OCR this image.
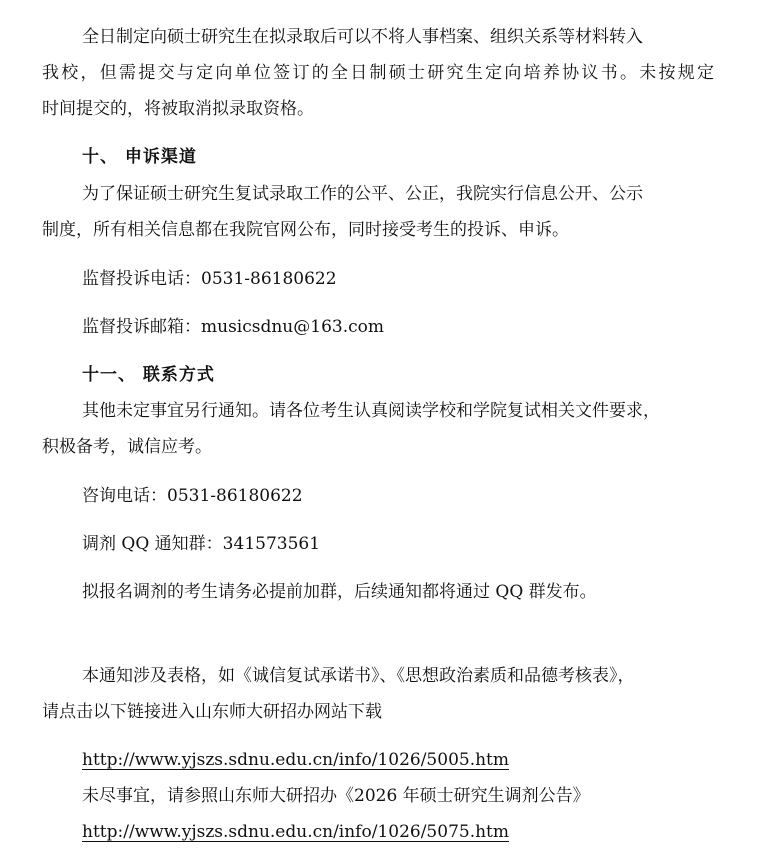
全日制定向硕士研究生在拟录取后可以不将人事档案、组织关系等材料转入
我校，但需提交与定向单位签订的全日制硕士研究生定向培养协议书。未按规定
时间提交的，将被取消拟录取资格。
十、 申诉渠道
为了保证硕士研究生复试录取工作的公平、公正，我院实行信息公开、公示
制度，所有相关信息都在我院官网公布，同时接受考生的投诉、申诉。
监督投诉电话：0531-86180622
监督投诉邮箱：musicsdnu@163.com
十一、 联系方式
其他未定事宜另行通知。请各位考生认真阅读学校和学院复试相关文件要求，
积极备考，诚信应考。
咨询电话：0531-86180622
调剂 QQ 通知群：341573561
拟报名调剂的考生请务必提前加群，后续通知都将通过 QQ 群发布。
本通知涉及表格，如《诚信复试承诺书》、《思想政治素质和品德考核表》，
请点击以下链接进入山东师大研招办网站下载
http://www.yjszs.sdnu.edu.cn/info/1026/5005.htm
未尽事宜，请参照山东师大研招办《2026 年硕士研究生调剂公告》
http://www.yjszs.sdnu.edu.cn/info/1026/5075.htm
